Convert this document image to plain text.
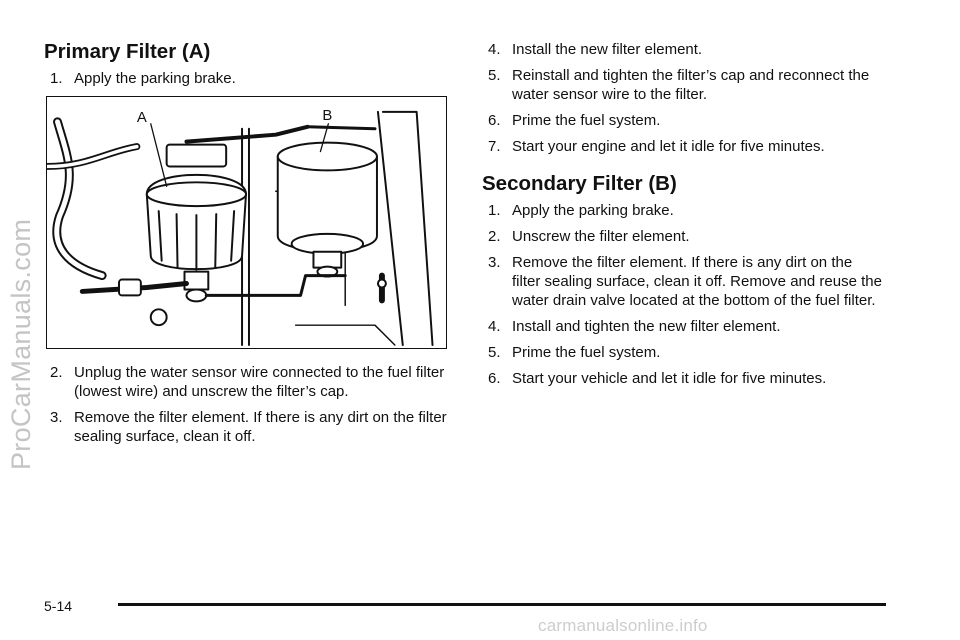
ProCarManuals.com
Primary Filter (A)
1. Apply the parking brake.
A	B
2. Unplug the water sensor wire connected to the fuel filter (lowest wire) and unscrew the filter’s cap.
3. Remove the filter element. If there is any dirt on the filter sealing surface, clean it off.
4. Install the new filter element.
5. Reinstall and tighten the filter’s cap and reconnect the water sensor wire to the filter.
6. Prime the fuel system.
7. Start your engine and let it idle for five minutes.
Secondary Filter (B)
1. Apply the parking brake.
2. Unscrew the filter element.
3. Remove the filter element. If there is any dirt on the filter sealing surface, clean it off. Remove and reuse the water drain valve located at the bottom of the fuel filter.
4. Install and tighten the new filter element.
5. Prime the fuel system.
6. Start your vehicle and let it idle for five minutes.
5-14
carmanualsonline.info
